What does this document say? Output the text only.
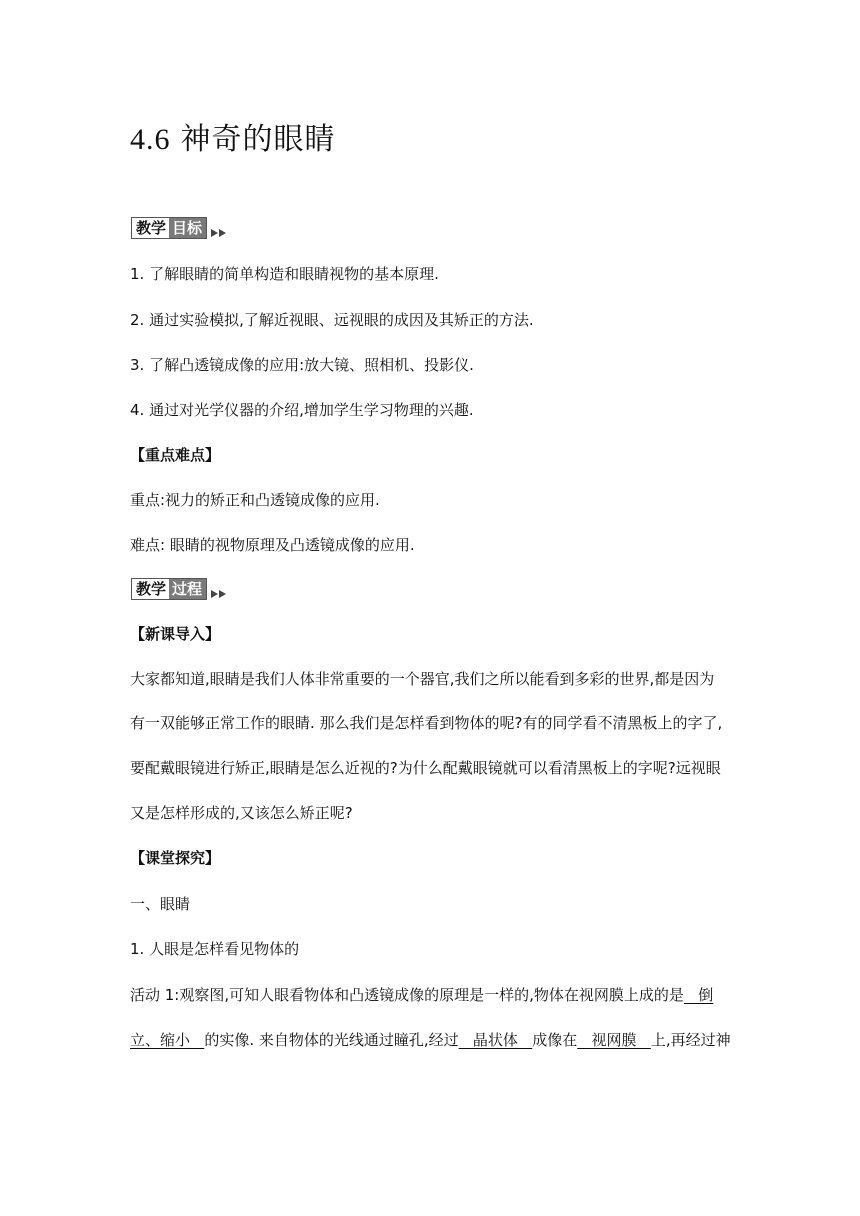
4.6 神奇的眼睛
教学 目标
1. 了解眼睛的简单构造和眼睛视物的基本原理.
2. 通过实验模拟,了解近视眼、远视眼的成因及其矫正的方法.
3. 了解凸透镜成像的应用:放大镜、照相机、投影仪.
4. 通过对光学仪器的介绍,增加学生学习物理的兴趣.
【重点难点】
重点:视力的矫正和凸透镜成像的应用.
难点: 眼睛的视物原理及凸透镜成像的应用.
教学 过程
【新课导入】
大家都知道,眼睛是我们人体非常重要的一个器官,我们之所以能看到多彩的世界,都是因为
有一双能够正常工作的眼睛. 那么我们是怎样看到物体的呢?有的同学看不清黑板上的字了,
要配戴眼镜进行矫正,眼睛是怎么近视的?为什么配戴眼镜就可以看清黑板上的字呢?远视眼
又是怎样形成的,又该怎么矫正呢?
【课堂探究】
一、眼睛
1. 人眼是怎样看见物体的
活动 1:观察图,可知人眼看物体和凸透镜成像的原理是一样的,物体在视网膜上成的是   倒
立、缩小   的实像. 来自物体的光线通过瞳孔,经过   晶状体   成像在   视网膜   上,再经过神
